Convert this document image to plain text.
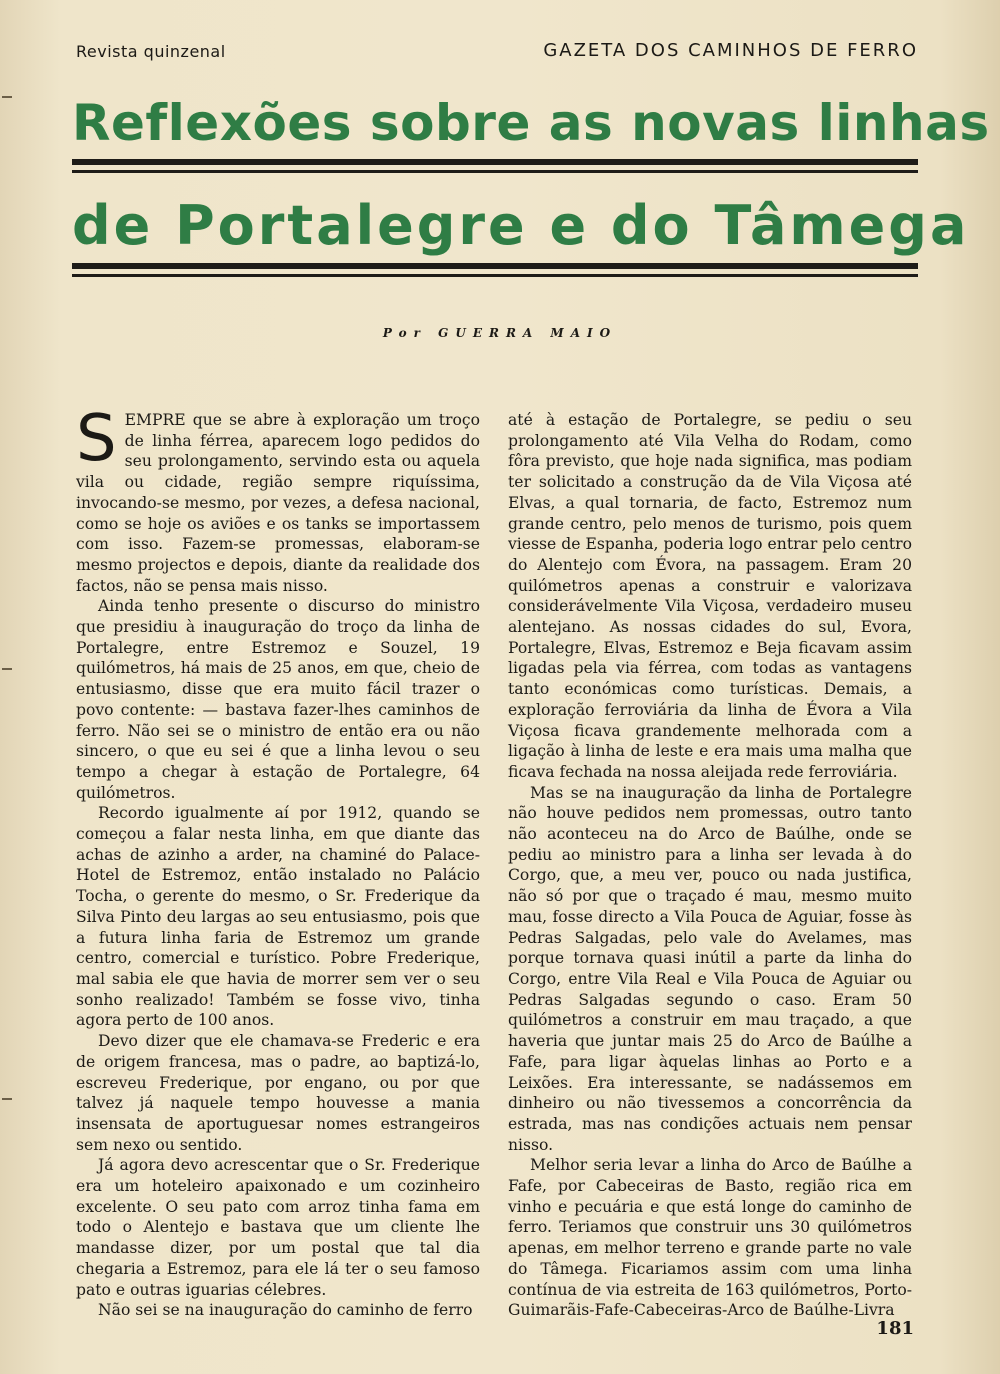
Revista quinzenal	GAZETA DOS CAMINHOS DE FERRO
Reflexões sobre as novas linhas
de Portalegre e do Tâmega
Por GUERRA MAIO

SEMPRE que se abre à exploração um troço de linha férrea, aparecem logo pedidos do seu prolongamento, servindo esta ou aquela vila ou cidade, região sempre riquíssima, invocando-se mesmo, por vezes, a defesa nacional, como se hoje os aviões e os tanks se importassem com isso. Fazem-se promessas, elaboram-se mesmo projectos e depois, diante da realidade dos factos, não se pensa mais nisso.

Ainda tenho presente o discurso do ministro que presidiu à inauguração do troço da linha de Portalegre, entre Estremoz e Souzel, 19 quilómetros, há mais de 25 anos, em que, cheio de entusiasmo, disse que era muito fácil trazer o povo contente: — bastava fazer-lhes caminhos de ferro. Não sei se o ministro de então era ou não sincero, o que eu sei é que a linha levou o seu tempo a chegar à estação de Portalegre, 64 quilómetros.

Recordo igualmente aí por 1912, quando se começou a falar nesta linha, em que diante das achas de azinho a arder, na chaminé do Palace-Hotel de Estremoz, então instalado no Palácio Tocha, o gerente do mesmo, o Sr. Frederique da Silva Pinto deu largas ao seu entusiasmo, pois que a futura linha faria de Estremoz um grande centro, comercial e turístico. Pobre Frederique, mal sabia ele que havia de morrer sem ver o seu sonho realizado! Também se fosse vivo, tinha agora perto de 100 anos.

Devo dizer que ele chamava-se Frederic e era de origem francesa, mas o padre, ao baptizá-lo, escreveu Frederique, por engano, ou por que talvez já naquele tempo houvesse a mania insensata de aportuguesar nomes estrangeiros sem nexo ou sentido.

Já agora devo acrescentar que o Sr. Frederique era um hoteleiro apaixonado e um cozinheiro excelente. O seu pato com arroz tinha fama em todo o Alentejo e bastava que um cliente lhe mandasse dizer, por um postal que tal dia chegaria a Estremoz, para ele lá ter o seu famoso pato e outras iguarias célebres.

Não sei se na inauguração do caminho de ferro

até à estação de Portalegre, se pediu o seu prolongamento até Vila Velha do Rodam, como fôra previsto, que hoje nada significa, mas podiam ter solicitado a construção da de Vila Viçosa até Elvas, a qual tornaria, de facto, Estremoz num grande centro, pelo menos de turismo, pois quem viesse de Espanha, poderia logo entrar pelo centro do Alentejo com Évora, na passagem. Eram 20 quilómetros apenas a construir e valorizava considerávelmente Vila Viçosa, verdadeiro museu alentejano. As nossas cidades do sul, Evora, Portalegre, Elvas, Estremoz e Beja ficavam assim ligadas pela via férrea, com todas as vantagens tanto económicas como turísticas. Demais, a exploração ferroviária da linha de Évora a Vila Viçosa ficava grandemente melhorada com a ligação à linha de leste e era mais uma malha que ficava fechada na nossa aleijada rede ferroviária.

Mas se na inauguração da linha de Portalegre não houve pedidos nem promessas, outro tanto não aconteceu na do Arco de Baúlhe, onde se pediu ao ministro para a linha ser levada à do Corgo, que, a meu ver, pouco ou nada justifica, não só por que o traçado é mau, mesmo muito mau, fosse directo a Vila Pouca de Aguiar, fosse às Pedras Salgadas, pelo vale do Avelames, mas porque tornava quasi inútil a parte da linha do Corgo, entre Vila Real e Vila Pouca de Aguiar ou Pedras Salgadas segundo o caso. Eram 50 quilómetros a construir em mau traçado, a que haveria que juntar mais 25 do Arco de Baúlhe a Fafe, para ligar àquelas linhas ao Porto e a Leixões. Era interessante, se nadássemos em dinheiro ou não tivessemos a concorrência da estrada, mas nas condições actuais nem pensar nisso.

Melhor seria levar a linha do Arco de Baúlhe a Fafe, por Cabeceiras de Basto, região rica em vinho e pecuária e que está longe do caminho de ferro. Teriamos que construir uns 30 quilómetros apenas, em melhor terreno e grande parte no vale do Tâmega. Ficariamos assim com uma linha contínua de via estreita de 163 quilómetros, Porto-Guimarãis-Fafe-Cabeceiras-Arco de Baúlhe-Livra

181
